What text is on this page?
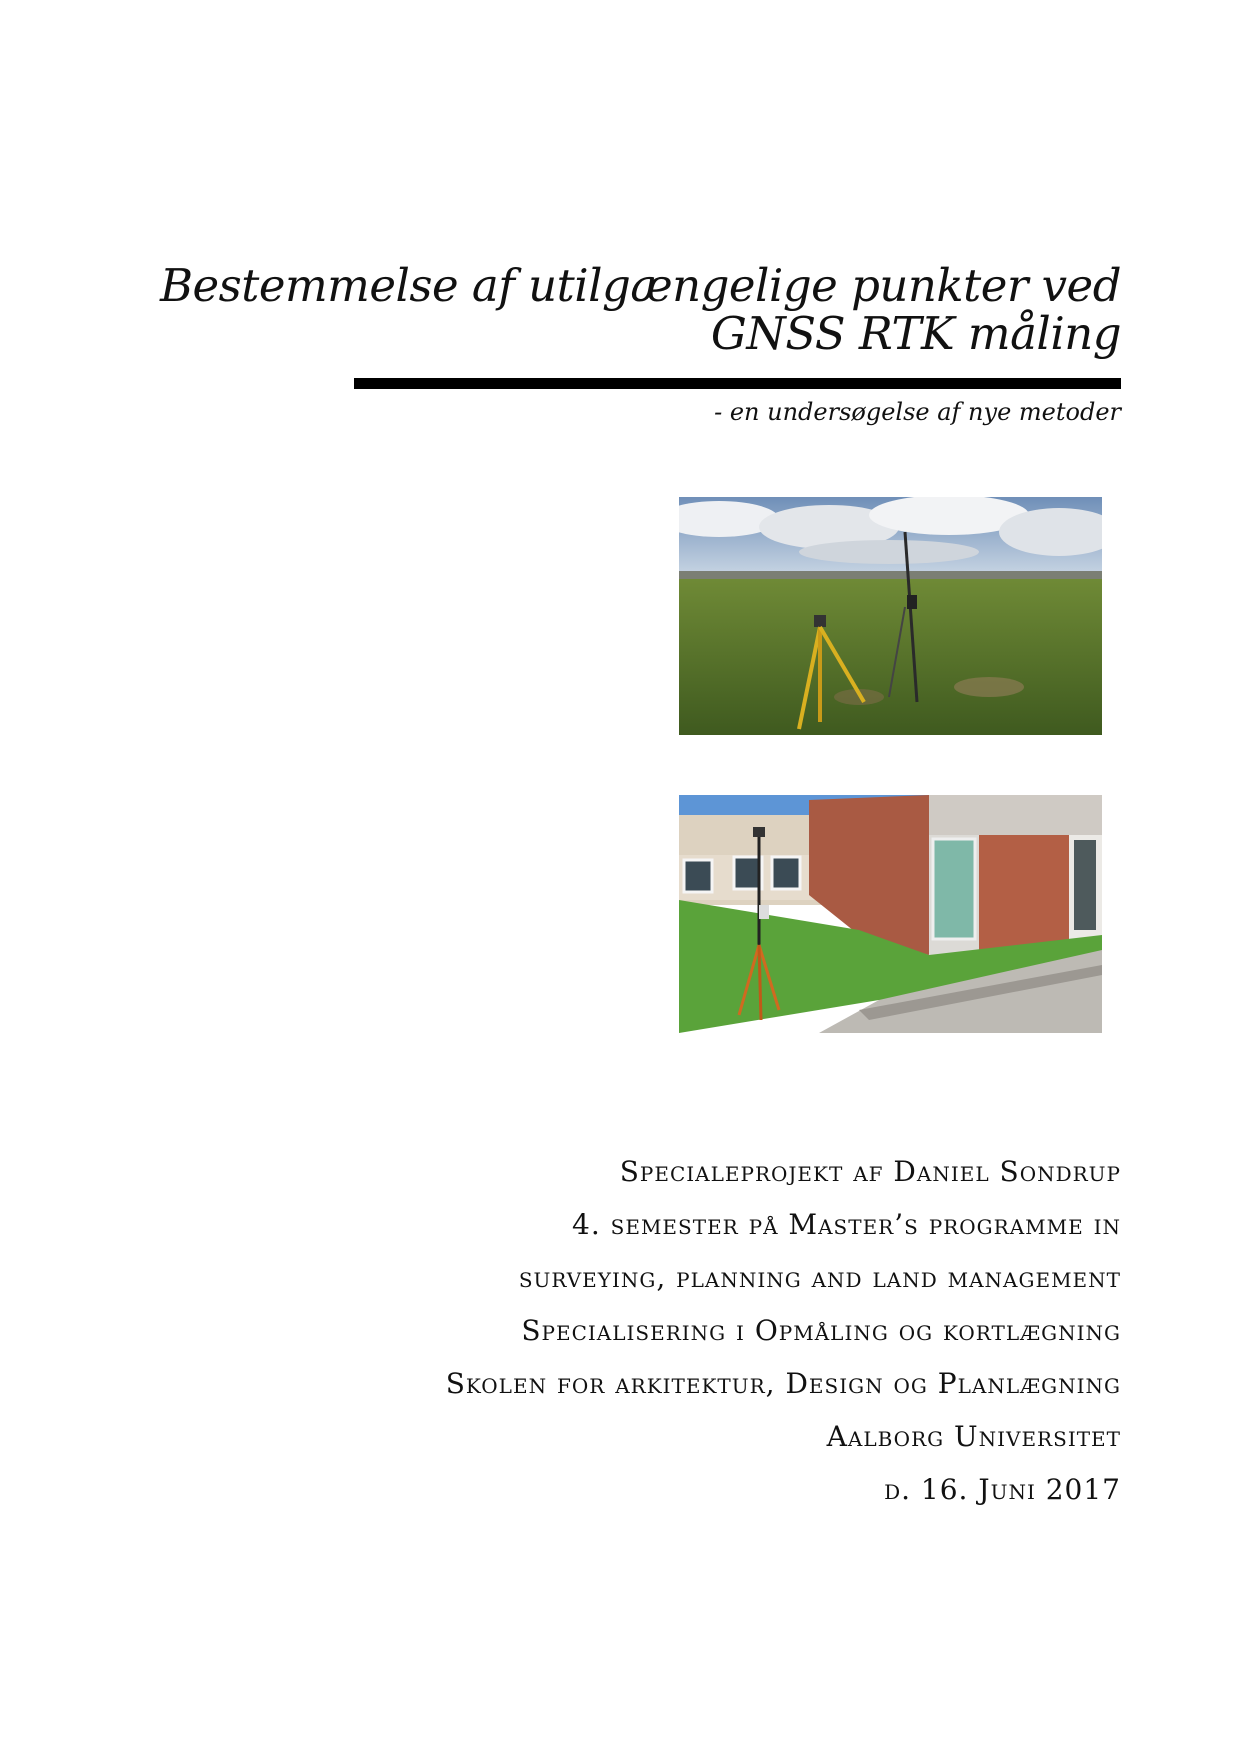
Bestemmelse af utilgængelige punkter ved
GNSS RTK måling
- en undersøgelse af nye metoder
Specialeprojekt af Daniel Sondrup
4. semester på Master’s programme in
surveying, planning and land management
Specialisering i Opmåling og kortlægning
Skolen for arkitektur, Design og Planlægning
Aalborg Universitet
d. 16. Juni 2017
